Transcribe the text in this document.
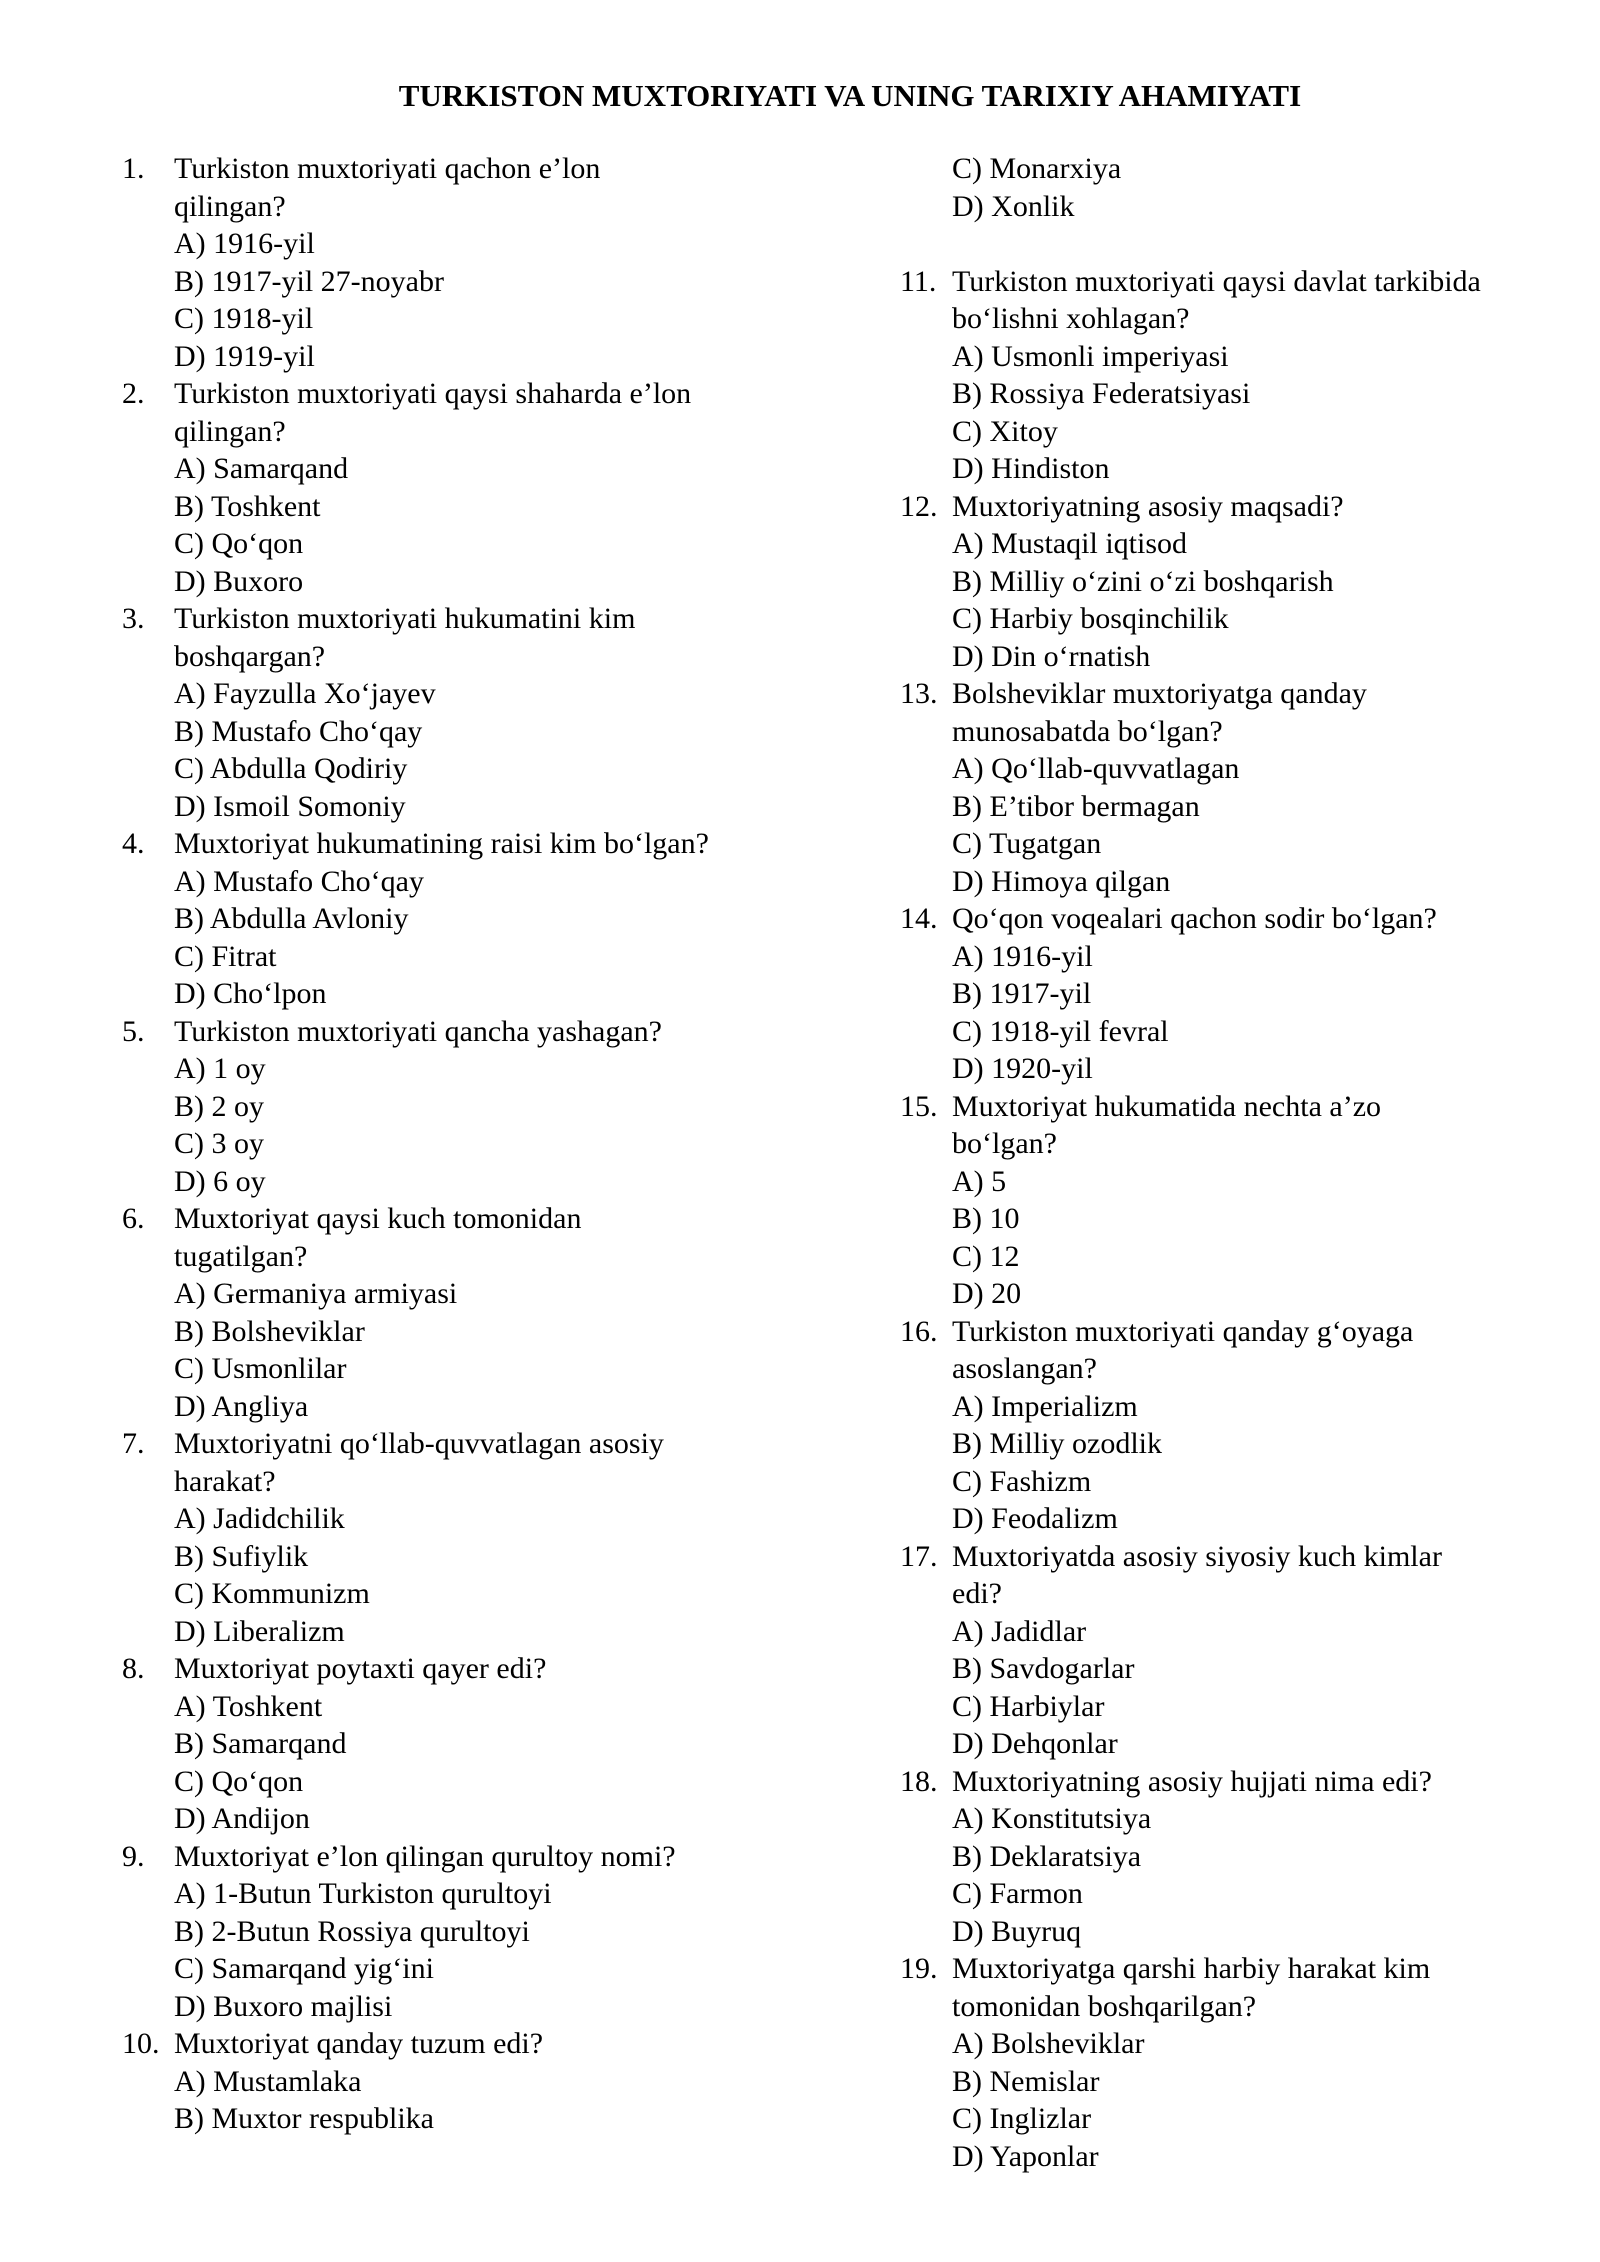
TURKISTON MUXTORIYATI VA UNING TARIXIY AHAMIYATI
1. Turkiston muxtoriyati qachon e’lon
qilingan?
A) 1916-yil
B) 1917-yil 27-noyabr
C) 1918-yil
D) 1919-yil
2. Turkiston muxtoriyati qaysi shaharda e’lon
qilingan?
A) Samarqand
B) Toshkent
C) Qo‘qon
D) Buxoro
3. Turkiston muxtoriyati hukumatini kim
boshqargan?
A) Fayzulla Xo‘jayev
B) Mustafo Cho‘qay
C) Abdulla Qodiriy
D) Ismoil Somoniy
4. Muxtoriyat hukumatining raisi kim bo‘lgan?
A) Mustafo Cho‘qay
B) Abdulla Avloniy
C) Fitrat
D) Cho‘lpon
5. Turkiston muxtoriyati qancha yashagan?
A) 1 oy
B) 2 oy
C) 3 oy
D) 6 oy
6. Muxtoriyat qaysi kuch tomonidan
tugatilgan?
A) Germaniya armiyasi
B) Bolsheviklar
C) Usmonlilar
D) Angliya
7. Muxtoriyatni qo‘llab-quvvatlagan asosiy
harakat?
A) Jadidchilik
B) Sufiylik
C) Kommunizm
D) Liberalizm
8. Muxtoriyat poytaxti qayer edi?
A) Toshkent
B) Samarqand
C) Qo‘qon
D) Andijon
9. Muxtoriyat e’lon qilingan qurultoy nomi?
A) 1-Butun Turkiston qurultoyi
B) 2-Butun Rossiya qurultoyi
C) Samarqand yig‘ini
D) Buxoro majlisi
10. Muxtoriyat qanday tuzum edi?
A) Mustamlaka
B) Muxtor respublika
C) Monarxiya
D) Xonlik
11. Turkiston muxtoriyati qaysi davlat tarkibida
bo‘lishni xohlagan?
A) Usmonli imperiyasi
B) Rossiya Federatsiyasi
C) Xitoy
D) Hindiston
12. Muxtoriyatning asosiy maqsadi?
A) Mustaqil iqtisod
B) Milliy o‘zini o‘zi boshqarish
C) Harbiy bosqinchilik
D) Din o‘rnatish
13. Bolsheviklar muxtoriyatga qanday
munosabatda bo‘lgan?
A) Qo‘llab-quvvatlagan
B) E’tibor bermagan
C) Tugatgan
D) Himoya qilgan
14. Qo‘qon voqealari qachon sodir bo‘lgan?
A) 1916-yil
B) 1917-yil
C) 1918-yil fevral
D) 1920-yil
15. Muxtoriyat hukumatida nechta a’zo
bo‘lgan?
A) 5
B) 10
C) 12
D) 20
16. Turkiston muxtoriyati qanday g‘oyaga
asoslangan?
A) Imperializm
B) Milliy ozodlik
C) Fashizm
D) Feodalizm
17. Muxtoriyatda asosiy siyosiy kuch kimlar
edi?
A) Jadidlar
B) Savdogarlar
C) Harbiylar
D) Dehqonlar
18. Muxtoriyatning asosiy hujjati nima edi?
A) Konstitutsiya
B) Deklaratsiya
C) Farmon
D) Buyruq
19. Muxtoriyatga qarshi harbiy harakat kim
tomonidan boshqarilgan?
A) Bolsheviklar
B) Nemislar
C) Inglizlar
D) Yaponlar
